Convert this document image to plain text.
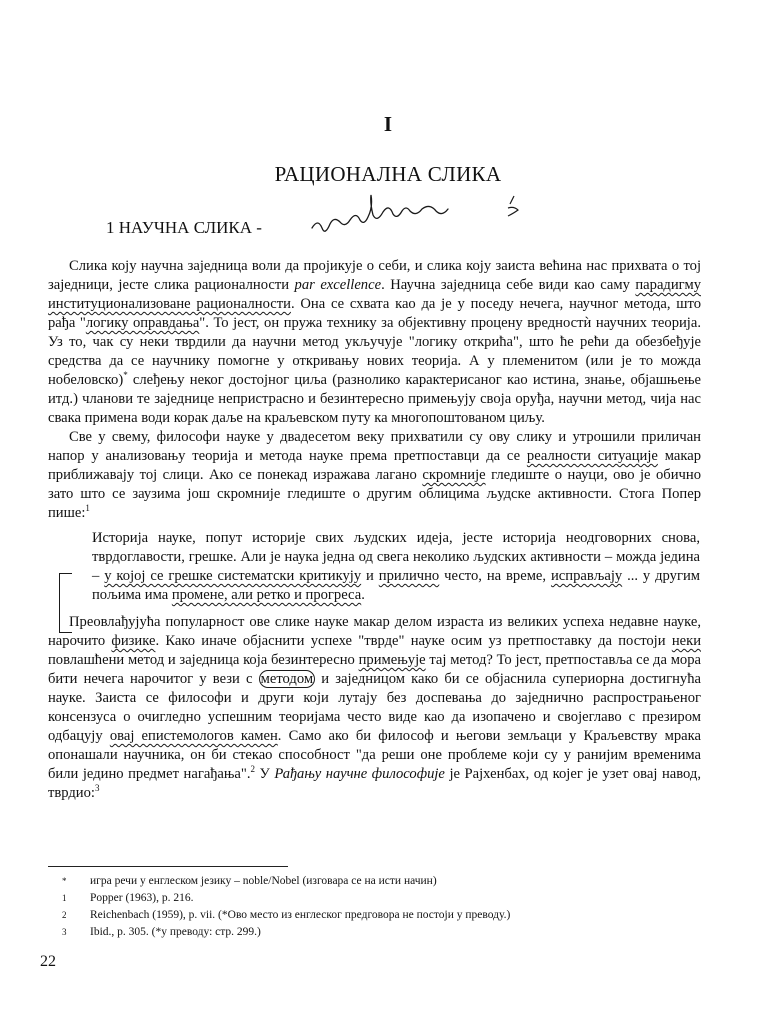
I
РАЦИОНАЛНА СЛИКА
1 НАУЧНА СЛИКА -

Слика коју научна заједница воли да пројикује о себи, и слика коју заиста већина нас прихвата о тој заједници, јесте слика рационалности par excellence. Научна заједница себе види као саму парадигму институционализоване рационалности. Она се схвата као да је у поседу нечега, научног метода, што рађа "логику оправдања". То јест, он пружа технику за објективну процену вредностѝ научних теорија. Уз то, чак су неки тврдили да научни метод укључује "логику открића", што ће рећи да обезбеђује средства да се научнику помогне у откривању нових теорија. А у племенитом (или је то можда нобеловско)* слеђењу неког достојног циља (разнолико карактерисаног као истина, знање, објашњење итд.) чланови те заједнице непристрасно и безинтересно примењују своја оруђа, научни метод, чија нас свака примена води корак даље на краљевском путу ка многопоштованом циљу.

Све у свему, философи науке у двадесетом веку прихватили су ову слику и утрошили приличан напор у анализовању теорија и метода науке према претпоставци да се реалности ситуације макар приближавају тој слици. Ако се понекад изражава лагано скромније гледиште о науци, ово је обично зато што се заузима још скромније гледиште о другим облицима људске активности. Стога Попер пише:$^1$

Историја науке, попут историје свих људских идеја, јесте историја неодговорних снова, тврдоглавости, грешке. Али је наука једна од свега неколико људских активности – можда једина – у којој се грешке систематски критикују и прилично често, на време, исправљају ... у другим пољима има промене, али ретко и прогреса.

Преовлађујућа популарност ове слике науке макар делом израста из великих успеха недавне науке, нарочито физике. Како иначе објаснити успехе "тврде" науке осим уз претпоставку да постоји неки повлашћени метод и заједница која безинтересно примењује тај метод? То јест, претпоставља се да мора бити нечега нарочитог у вези с методом и заједницом како би се објаснила супериорна достигнућа науке. Заиста се философи и други који лутају без доспевања до заједнично распрострањеног консензуса о очигледно успешним теоријама често виде као да изопачено и својеглаво с презиром одбацују овај епистемологов камен. Само ако би философ и његови земљаци у Краљевству мрака опонашали научника, он би стекао способност "да реши оне проблеме који су у ранијим временима били једино предмет нагађања".$^2$ У Рађању научне философије је Рајхенбах, од којег је узет овај навод, тврдио:$^3$

*	игра речи у енглеском језику – noble/Nobel (изговара се на исти начин)
1	Popper (1963), p. 216.
2	Reichenbach (1959), p. vii. (*Ово место из енглеског предговора не постоји у преводу.)
3	Ibid., p. 305. (*у преводу: стр. 299.)
22
